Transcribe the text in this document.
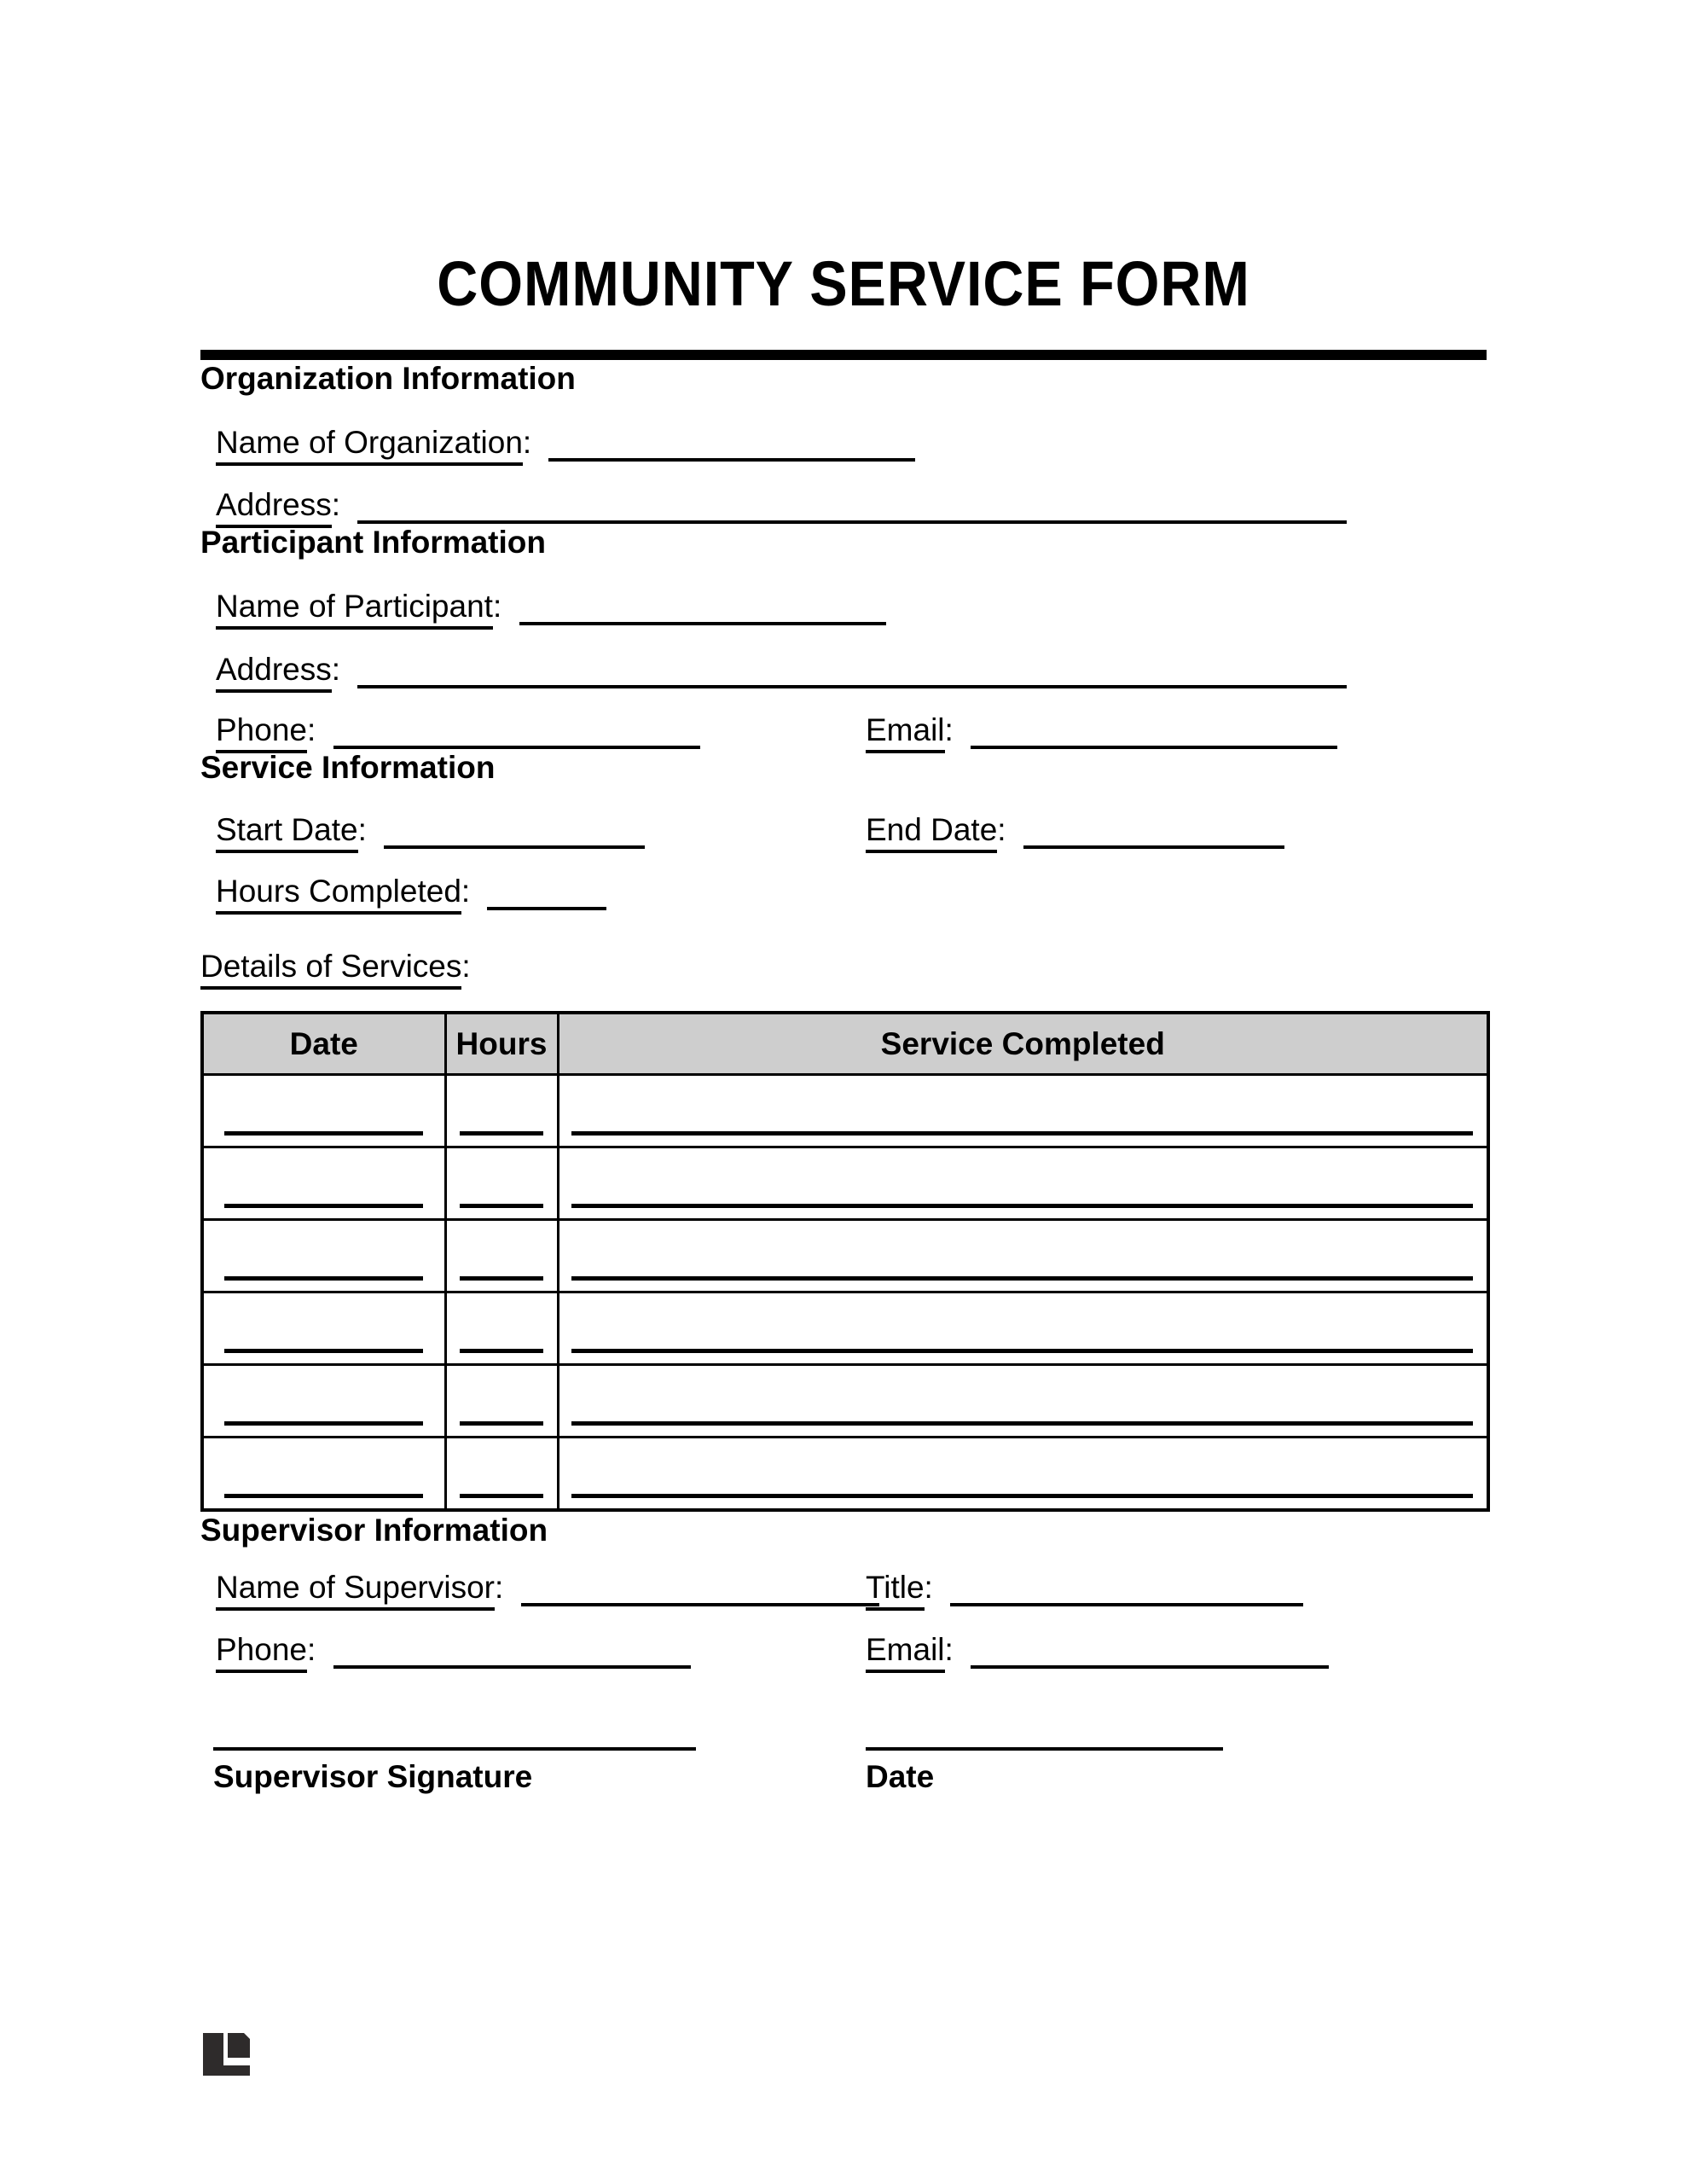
COMMUNITY SERVICE FORM
Organization Information
Name of Organization:
Address:
Participant Information
Name of Participant:
Address:
Phone:	Email:
Service Information
Start Date:	End Date:
Hours Completed:
Details of Services:
Date	Hours	Service Completed

Supervisor Information
Name of Supervisor:	Title:
Phone:	Email:
Supervisor Signature	Date
